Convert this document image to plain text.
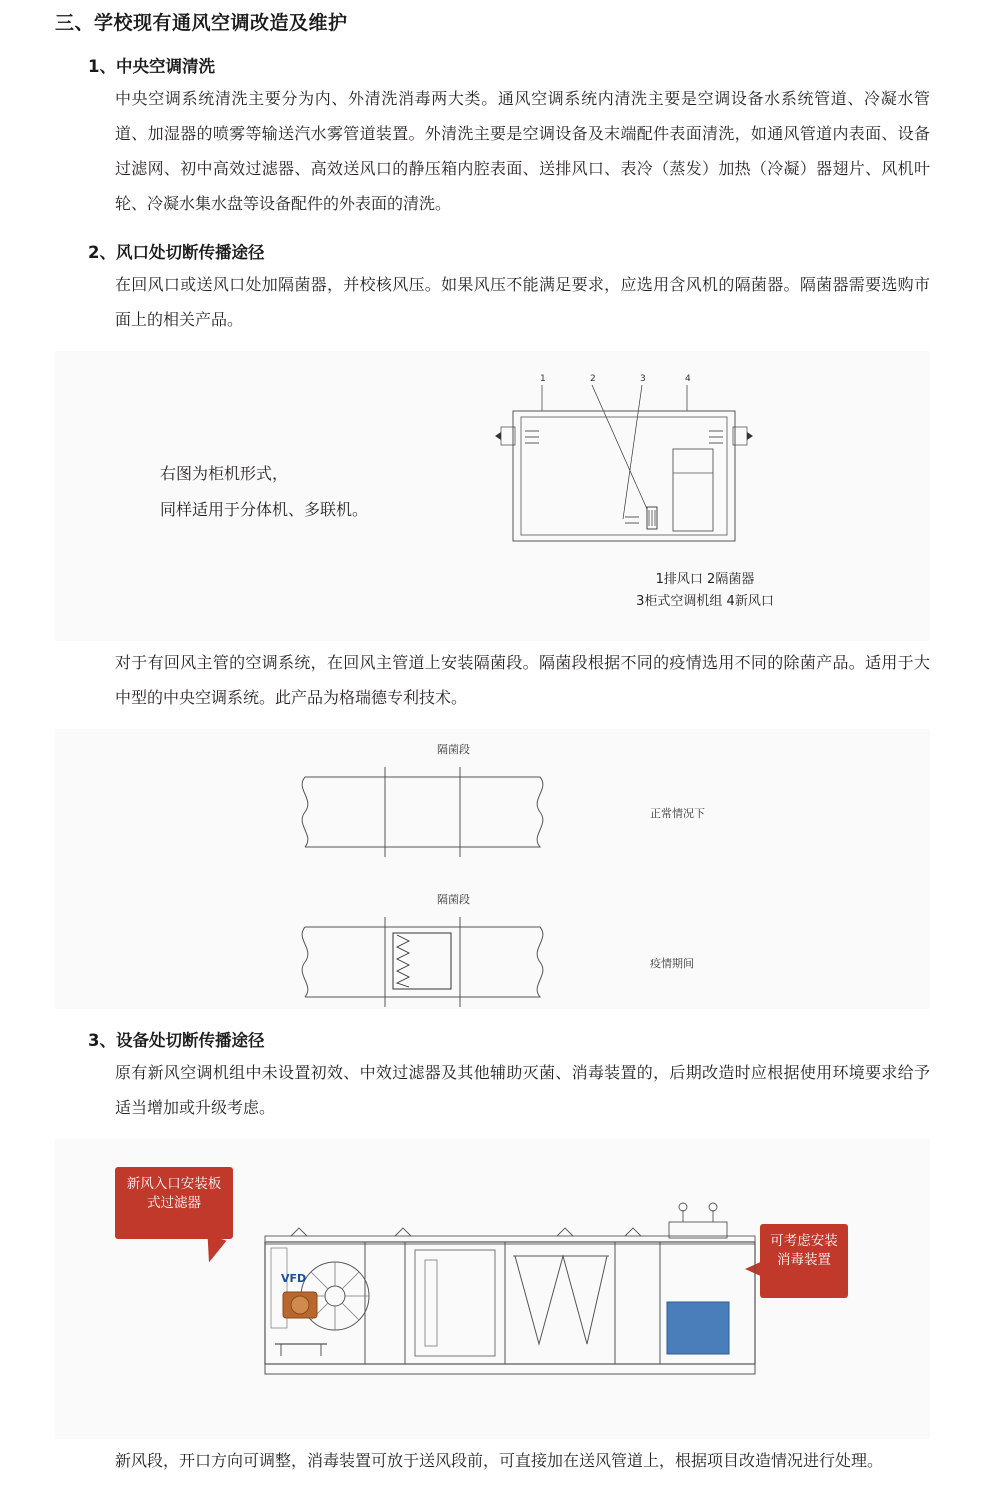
三、学校现有通风空调改造及维护
1、中央空调清洗

中央空调系统清洗主要分为内、外清洗消毒两大类。通风空调系统内清洗主要是空调设备水系统管道、冷凝水管道、加湿器的喷雾等输送汽水雾管道装置。外清洗主要是空调设备及末端配件表面清洗，如通风管道内表面、设备过滤网、初中高效过滤器、高效送风口的静压箱内腔表面、送排风口、表冷（蒸发）加热（冷凝）器翅片、风机叶轮、冷凝水集水盘等设备配件的外表面的清洗。

2、风口处切断传播途径

在回风口或送风口处加隔菌器，并校核风压。如果风压不能满足要求，应选用含风机的隔菌器。隔菌器需要选购市面上的相关产品。

右图为柜机形式，
同样适用于分体机、多联机。
1	2	3	4
1排风口 2隔菌器
3柜式空调机组 4新风口

对于有回风主管的空调系统，在回风主管道上安装隔菌段。隔菌段根据不同的疫情选用不同的除菌产品。适用于大中型的中央空调系统。此产品为格瑞德专利技术。

隔菌段
正常情况下
隔菌段
疫情期间
3、设备处切断传播途径

原有新风空调机组中未设置初效、中效过滤器及其他辅助灭菌、消毒装置的，后期改造时应根据使用环境要求给予适当增加或升级考虑。

新风入口安装板式过滤器
可考虑安装消毒装置
VFD

新风段，开口方向可调整，消毒装置可放于送风段前，可直接加在送风管道上，根据项目改造情况进行处理。
